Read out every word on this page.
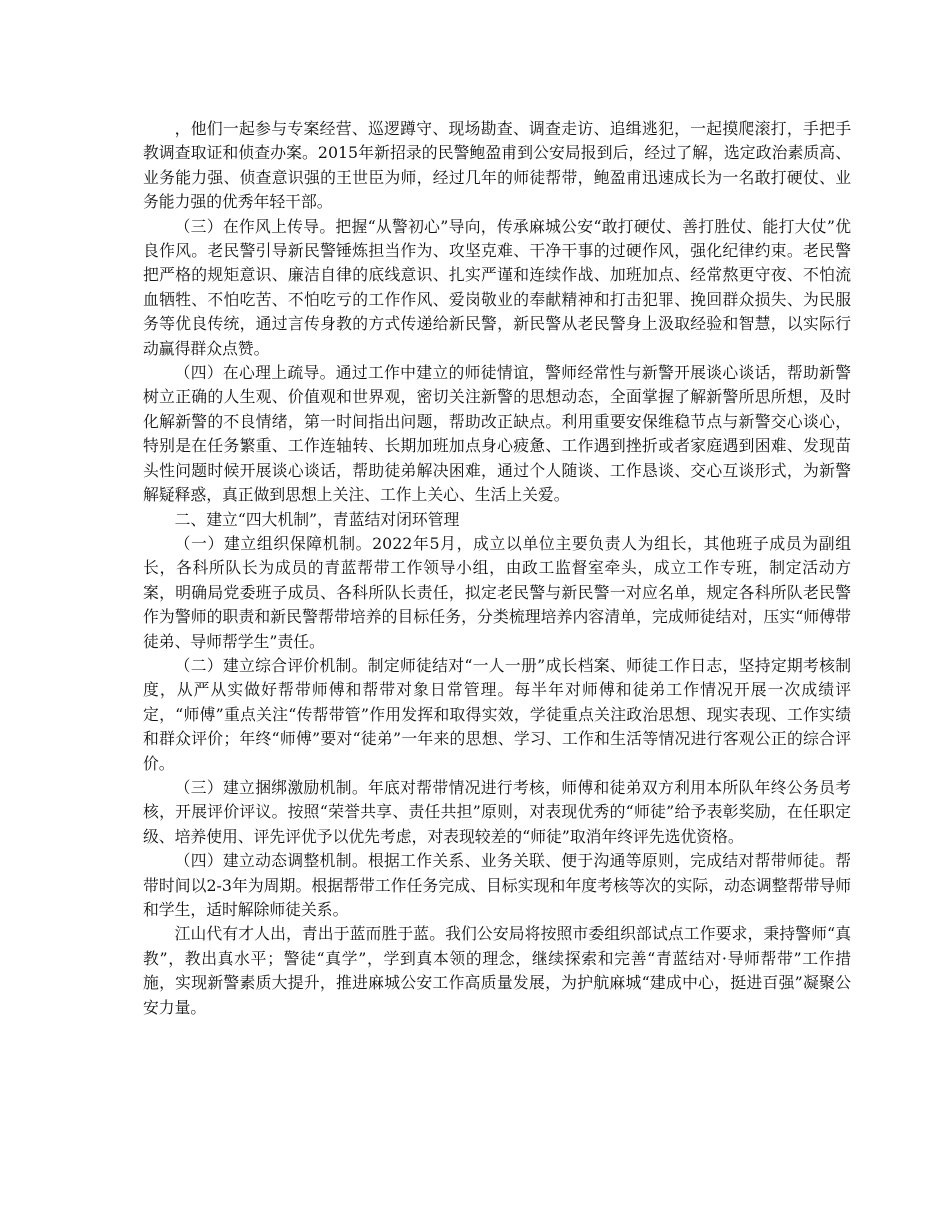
，他们一起参与专案经营、巡逻蹲守、现场勘查、调查走访、追缉逃犯，一起摸爬滚打，手把手教调查取证和侦查办案。2015年新招录的民警鲍盈甫到公安局报到后，经过了解，选定政治素质高、业务能力强、侦查意识强的王世臣为师，经过几年的师徒帮带，鲍盈甫迅速成长为一名敢打硬仗、业务能力强的优秀年轻干部。

（三）在作风上传导。把握“从警初心”导向，传承麻城公安“敢打硬仗、善打胜仗、能打大仗”优良作风。老民警引导新民警锤炼担当作为、攻坚克难、干净干事的过硬作风，强化纪律约束。老民警把严格的规矩意识、廉洁自律的底线意识、扎实严谨和连续作战、加班加点、经常熬更守夜、不怕流血牺牲、不怕吃苦、不怕吃亏的工作作风、爱岗敬业的奉献精神和打击犯罪、挽回群众损失、为民服务等优良传统，通过言传身教的方式传递给新民警，新民警从老民警身上汲取经验和智慧，以实际行动赢得群众点赞。

（四）在心理上疏导。通过工作中建立的师徒情谊，警师经常性与新警开展谈心谈话，帮助新警树立正确的人生观、价值观和世界观，密切关注新警的思想动态，全面掌握了解新警所思所想，及时化解新警的不良情绪，第一时间指出问题，帮助改正缺点。利用重要安保维稳节点与新警交心谈心，特别是在任务繁重、工作连轴转、长期加班加点身心疲惫、工作遇到挫折或者家庭遇到困难、发现苗头性问题时候开展谈心谈话，帮助徒弟解决困难，通过个人随谈、工作恳谈、交心互谈形式，为新警解疑释惑，真正做到思想上关注、工作上关心、生活上关爱。

二、建立“四大机制”，青蓝结对闭环管理

（一）建立组织保障机制。2022年5月，成立以单位主要负责人为组长，其他班子成员为副组长，各科所队长为成员的青蓝帮带工作领导小组，由政工监督室牵头，成立工作专班，制定活动方案，明确局党委班子成员、各科所队长责任，拟定老民警与新民警一对应名单，规定各科所队老民警作为警师的职责和新民警帮带培养的目标任务，分类梳理培养内容清单，完成师徒结对，压实“师傅带徒弟、导师帮学生”责任。

（二）建立综合评价机制。制定师徒结对“一人一册”成长档案、师徒工作日志，坚持定期考核制度，从严从实做好帮带师傅和帮带对象日常管理。每半年对师傅和徒弟工作情况开展一次成绩评定，“师傅”重点关注“传帮带管”作用发挥和取得实效，学徒重点关注政治思想、现实表现、工作实绩和群众评价；年终“师傅”要对“徒弟”一年来的思想、学习、工作和生活等情况进行客观公正的综合评价。

（三）建立捆绑激励机制。年底对帮带情况进行考核，师傅和徒弟双方利用本所队年终公务员考核，开展评价评议。按照“荣誉共享、责任共担”原则，对表现优秀的“师徒”给予表彰奖励，在任职定级、培养使用、评先评优予以优先考虑，对表现较差的“师徒”取消年终评先选优资格。

（四）建立动态调整机制。根据工作关系、业务关联、便于沟通等原则，完成结对帮带师徒。帮带时间以2-3年为周期。根据帮带工作任务完成、目标实现和年度考核等次的实际，动态调整帮带导师和学生，适时解除师徒关系。

江山代有才人出，青出于蓝而胜于蓝。我们公安局将按照市委组织部试点工作要求，秉持警师“真教”，教出真水平；警徒“真学”，学到真本领的理念，继续探索和完善“青蓝结对·导师帮带”工作措施，实现新警素质大提升，推进麻城公安工作高质量发展，为护航麻城“建成中心，挺进百强”凝聚公安力量。
